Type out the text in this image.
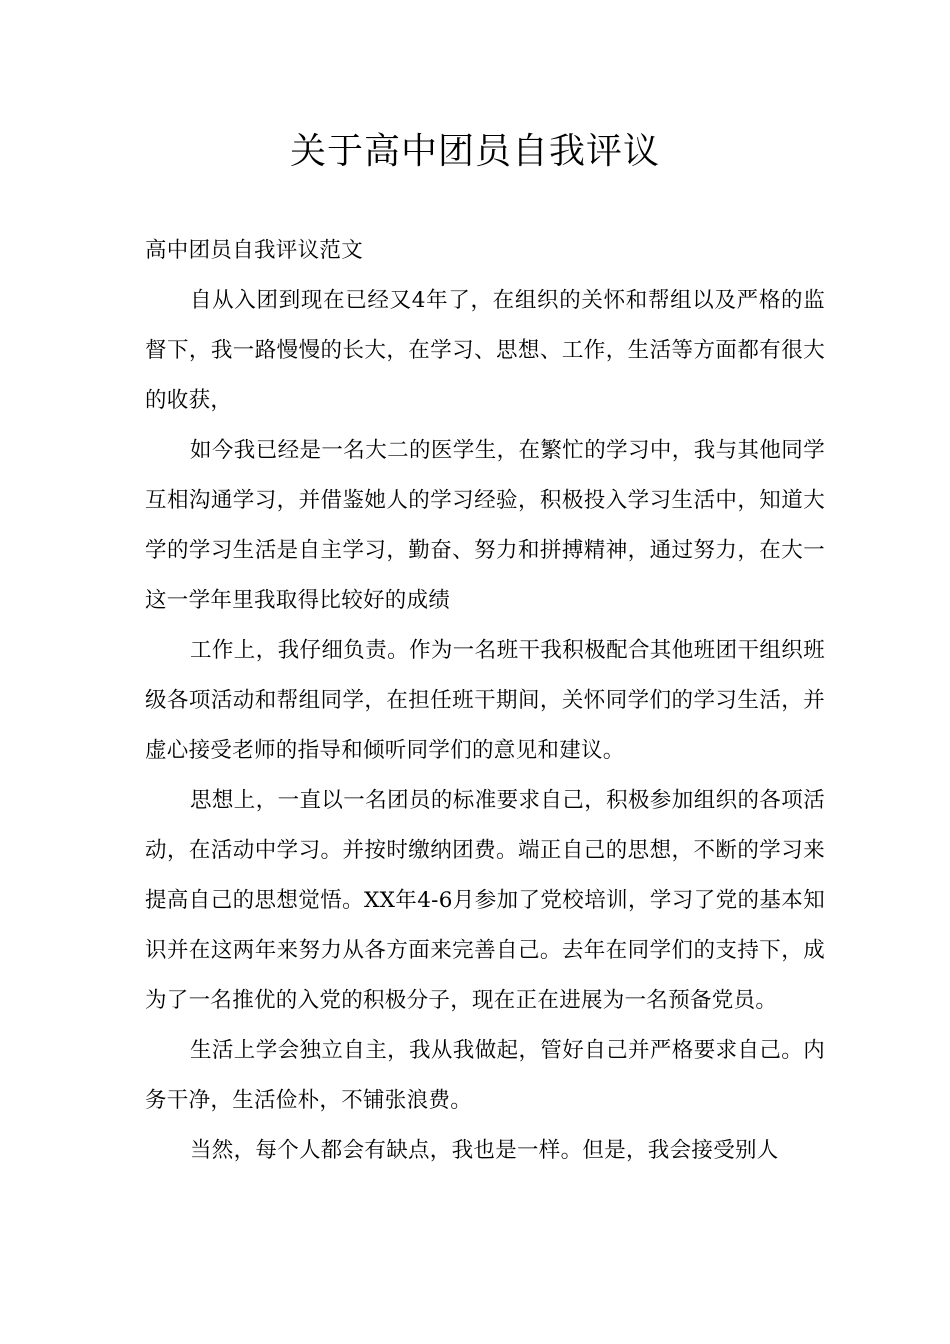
关于高中团员自我评议

高中团员自我评议范文

自从入团到现在已经又4年了，在组织的关怀和帮组以及严格的监督下，我一路慢慢的长大，在学习、思想、工作，生活等方面都有很大的收获，

如今我已经是一名大二的医学生，在繁忙的学习中，我与其他同学互相沟通学习，并借鉴她人的学习经验，积极投入学习生活中，知道大学的学习生活是自主学习，勤奋、努力和拼搏精神，通过努力，在大一这一学年里我取得比较好的成绩

工作上，我仔细负责。作为一名班干我积极配合其他班团干组织班级各项活动和帮组同学，在担任班干期间，关怀同学们的学习生活，并虚心接受老师的指导和倾听同学们的意见和建议。

思想上，一直以一名团员的标准要求自己，积极参加组织的各项活动，在活动中学习。并按时缴纳团费。端正自己的思想，不断的学习来提高自己的思想觉悟。XX年4-6月参加了党校培训，学习了党的基本知识并在这两年来努力从各方面来完善自己。去年在同学们的支持下，成为了一名推优的入党的积极分子，现在正在进展为一名预备党员。

生活上学会独立自主，我从我做起，管好自己并严格要求自己。内务干净，生活俭朴，不铺张浪费。

当然，每个人都会有缺点，我也是一样。但是，我会接受别人
